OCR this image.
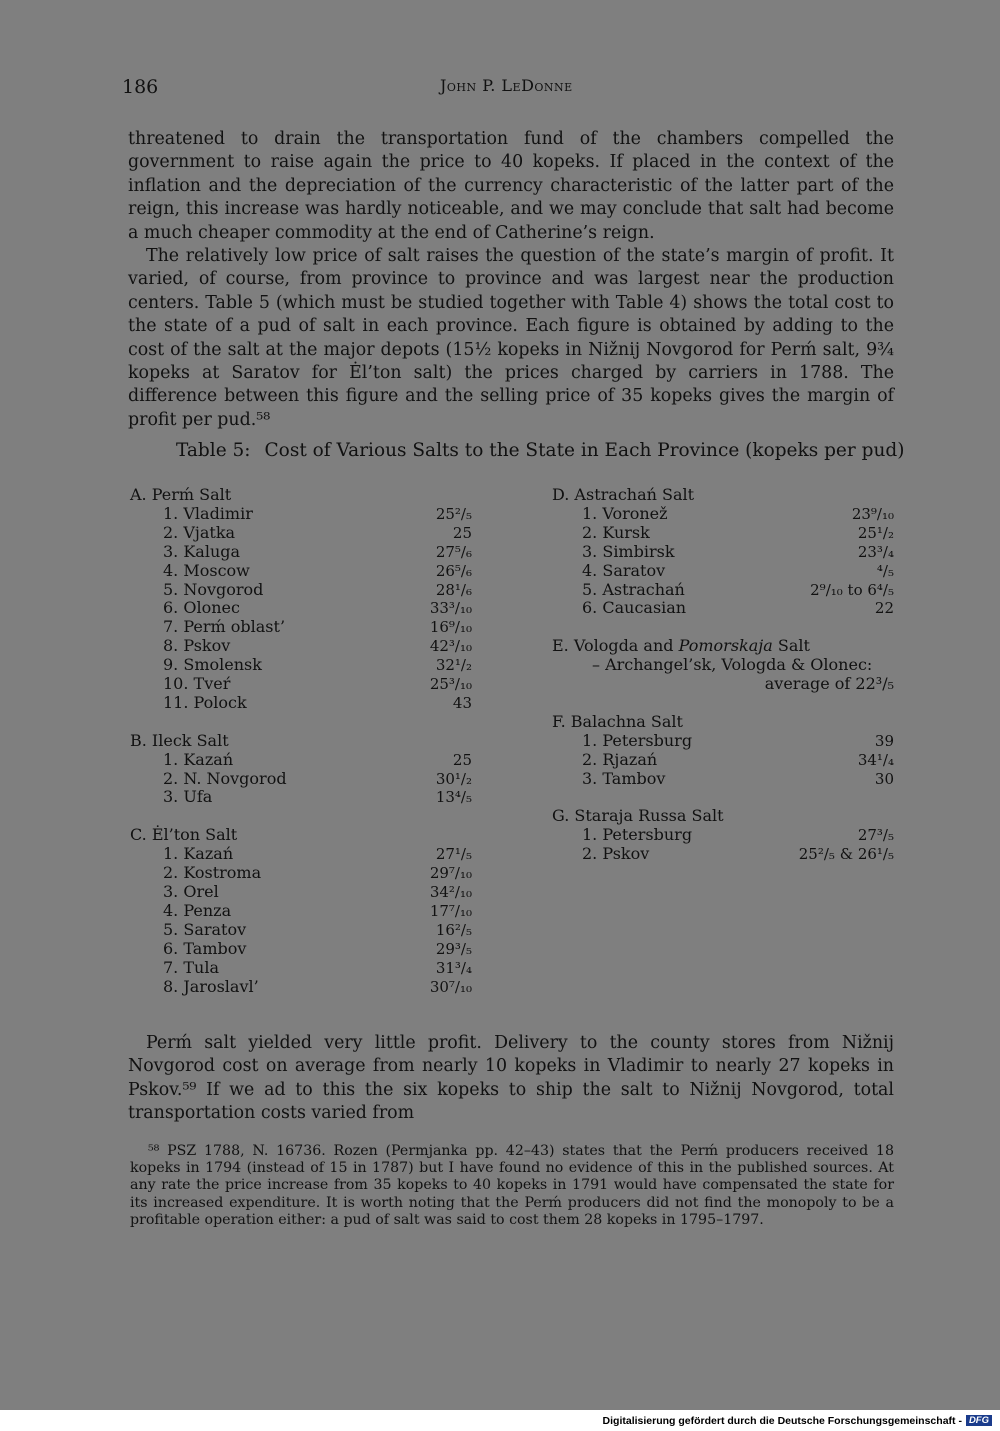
186	John P. LeDonne

threatened to drain the transportation fund of the chambers compelled the government to raise again the price to 40 kopeks. If placed in the context of the inflation and the depreciation of the currency characteristic of the latter part of the reign, this increase was hardly noticeable, and we may conclude that salt had become a much cheaper commodity at the end of Catherine’s reign.

The relatively low price of salt raises the question of the state’s margin of profit. It varied, of course, from province to province and was largest near the production centers. Table 5 (which must be studied together with Table 4) shows the total cost to the state of a pud of salt in each province. Each figure is obtained by adding to the cost of the salt at the major depots (15½ kopeks in Nižnij Novgorod for Perḿ salt, 9¾ kopeks at Saratov for Ėl’ton salt) the prices charged by carriers in 1788. The difference between this figure and the selling price of 35 kopeks gives the margin of profit per pud.⁵⁸

Table 5: Cost of Various Salts to the State in Each Province (kopeks per pud)
A. Perḿ Salt
1. Vladimir	25²/₅
2. Vjatka	25
3. Kaluga	27⁵/₆
4. Moscow	26⁵/₆
5. Novgorod	28¹/₆
6. Olonec	33³/₁₀
7. Perḿ oblast’	16⁹/₁₀
8. Pskov	42³/₁₀
9. Smolensk	32¹/₂
10. Tveŕ	25³/₁₀
11. Polock	43
B. Ileck Salt
1. Kazań	25
2. N. Novgorod	30¹/₂
3. Ufa	13⁴/₅
C. Ėl’ton Salt
1. Kazań	27¹/₅
2. Kostroma	29⁷/₁₀
3. Orel	34²/₁₀
4. Penza	17⁷/₁₀
5. Saratov	16²/₅
6. Tambov	29³/₅
7. Tula	31³/₄
8. Jaroslavl’	30⁷/₁₀
D. Astrachań Salt
1. Voronež	23⁹/₁₀
2. Kursk	25¹/₂
3. Simbirsk	23³/₄
4. Saratov	⁴/₅
5. Astrachań	2⁹/₁₀ to 6⁴/₅
6. Caucasian	22
E. Vologda and Pomorskaja Salt
– Archangel’sk, Vologda & Olonec:
average of 22³/₅
F. Balachna Salt
1. Petersburg	39
2. Rjazań	34¹/₄
3. Tambov	30
G. Staraja Russa Salt
1. Petersburg	27³/₅
2. Pskov	25²/₅ & 26¹/₅

Perḿ salt yielded very little profit. Delivery to the county stores from Nižnij Novgorod cost on average from nearly 10 kopeks in Vladimir to nearly 27 kopeks in Pskov.⁵⁹ If we ad to this the six kopeks to ship the salt to Nižnij Novgorod, total transportation costs varied from

⁵⁸ PSZ 1788, N. 16736. Rozen (Permjanka pp. 42–43) states that the Perḿ producers received 18 kopeks in 1794 (instead of 15 in 1787) but I have found no evidence of this in the published sources. At any rate the price increase from 35 kopeks to 40 kopeks in 1791 would have compensated the state for its increased expenditure. It is worth noting that the Perḿ producers did not find the monopoly to be a profitable operation either: a pud of salt was said to cost them 28 kopeks in 1795–1797.

Digitalisierung gefördert durch die Deutsche Forschungsgemeinschaft - DFG
